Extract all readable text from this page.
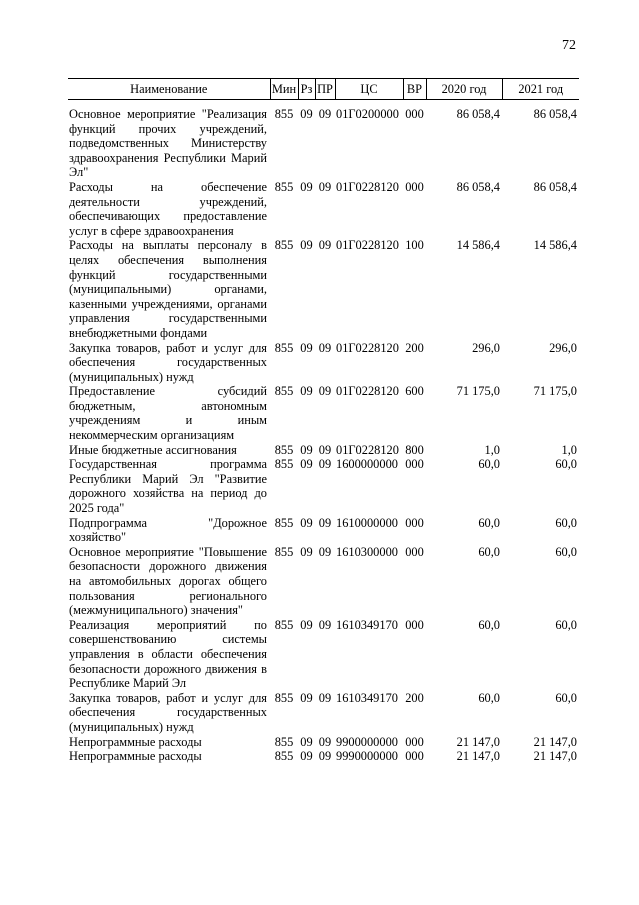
72
Наименование	Мин	Рз	ПР	ЦС	ВР	2020 год	2021 год
Основное мероприятие "Реализация функций прочих учреждений, подведомственных Министерству здравоохранения Республики Марий Эл"	855	09	09	01Г0200000	000	86 058,4	86 058,4
Расходы на обеспечение деятельности учреждений, обеспечивающих предоставление услуг в сфере здравоохранения	855	09	09	01Г0228120	000	86 058,4	86 058,4
Расходы на выплаты персоналу в целях обеспечения выполнения функций государственными (муниципальными) органами, казенными учреждениями, органами управления государственными внебюджетными фондами	855	09	09	01Г0228120	100	14 586,4	14 586,4
Закупка товаров, работ и услуг для обеспечения государственных (муниципальных) нужд	855	09	09	01Г0228120	200	296,0	296,0
Предоставление субсидий бюджетным, автономным учреждениям и иным некоммерческим организациям	855	09	09	01Г0228120	600	71 175,0	71 175,0
Иные бюджетные ассигнования	855	09	09	01Г0228120	800	1,0	1,0
Государственная программа Республики Марий Эл "Развитие дорожного хозяйства на период до 2025 года"	855	09	09	1600000000	000	60,0	60,0
Подпрограмма "Дорожное хозяйство"	855	09	09	1610000000	000	60,0	60,0
Основное мероприятие "Повышение безопасности дорожного движения на автомобильных дорогах общего пользования регионального (межмуниципального) значения"	855	09	09	1610300000	000	60,0	60,0
Реализация мероприятий по совершенствованию системы управления в области обеспечения безопасности дорожного движения в Республике Марий Эл	855	09	09	1610349170	000	60,0	60,0
Закупка товаров, работ и услуг для обеспечения государственных (муниципальных) нужд	855	09	09	1610349170	200	60,0	60,0
Непрограммные расходы	855	09	09	9900000000	000	21 147,0	21 147,0
Непрограммные расходы	855	09	09	9990000000	000	21 147,0	21 147,0
